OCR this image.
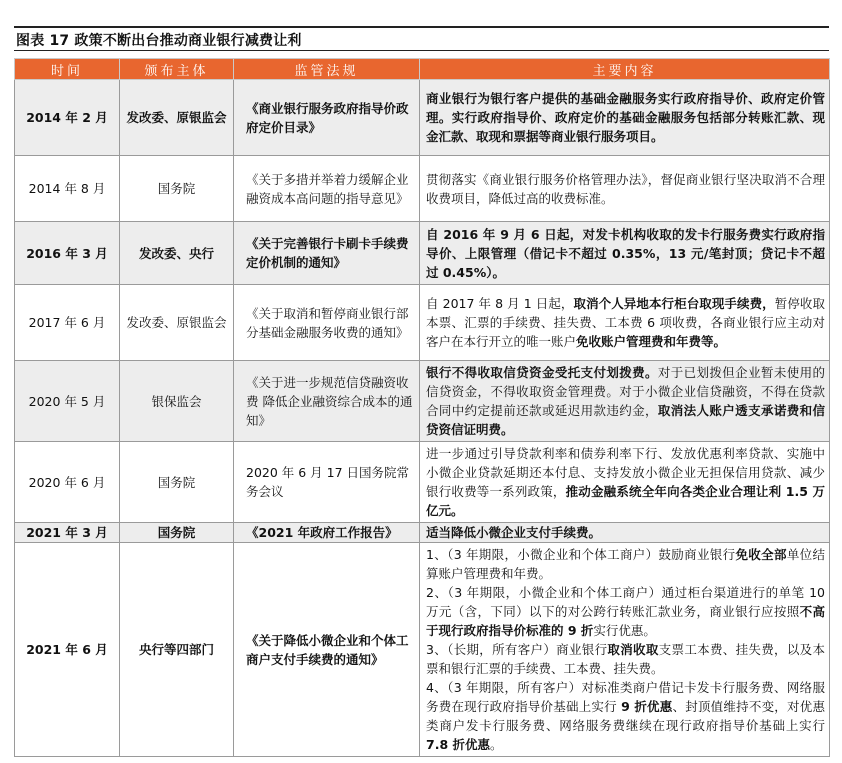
图表 17 政策不断出台推动商业银行减费让利
时间	颁布主体	监管法规	主要内容
2014 年 2 月	发改委、原银监会	《商业银行服务政府指导价政府定价目录》	商业银行为银行客户提供的基础金融服务实行政府指导价、政府定价管理。实行政府指导价、政府定价的基础金融服务包括部分转账汇款、现金汇款、取现和票据等商业银行服务项目。
2014 年 8 月	国务院	《关于多措并举着力缓解企业融资成本高问题的指导意见》	贯彻落实《商业银行服务价格管理办法》，督促商业银行坚决取消不合理收费项目，降低过高的收费标准。
2016 年 3 月	发改委、央行	《关于完善银行卡刷卡手续费定价机制的通知》	自 2016 年 9 月 6 日起，对发卡机构收取的发卡行服务费实行政府指导价、上限管理（借记卡不超过 0.35%，13 元/笔封顶；贷记卡不超过 0.45%）。
2017 年 6 月	发改委、原银监会	《关于取消和暂停商业银行部分基础金融服务收费的通知》	自 2017 年 8 月 1 日起，取消个人异地本行柜台取现手续费，暂停收取本票、汇票的手续费、挂失费、工本费 6 项收费，各商业银行应主动对客户在本行开立的唯一账户免收账户管理费和年费等。
2020 年 5 月	银保监会	《关于进一步规范信贷融资收费 降低企业融资综合成本的通知》	银行不得收取信贷资金受托支付划拨费。对于已划拨但企业暂未使用的信贷资金，不得收取资金管理费。对于小微企业信贷融资，不得在贷款合同中约定提前还款或延迟用款违约金，取消法人账户透支承诺费和信贷资信证明费。
2020 年 6 月	国务院	2020 年 6 月 17 日国务院常务会议	进一步通过引导贷款利率和债券利率下行、发放优惠利率贷款、实施中小微企业贷款延期还本付息、支持发放小微企业无担保信用贷款、减少银行收费等一系列政策，推动金融系统全年向各类企业合理让利 1.5 万亿元。
2021 年 3 月	国务院	《2021 年政府工作报告》	适当降低小微企业支付手续费。
2021 年 6 月	央行等四部门	《关于降低小微企业和个体工商户支付手续费的通知》	1、（3 年期限，小微企业和个体工商户）鼓励商业银行免收全部单位结算账户管理费和年费。

2、（3 年期限，小微企业和个体工商户）通过柜台渠道进行的单笔 10 万元（含，下同）以下的对公跨行转账汇款业务，商业银行应按照不高于现行政府指导价标准的 9 折实行优惠。

3、（长期，所有客户）商业银行取消收取支票工本费、挂失费，以及本票和银行汇票的手续费、工本费、挂失费。

4、（3 年期限，所有客户）对标准类商户借记卡发卡行服务费、网络服务费在现行政府指导价基础上实行 9 折优惠、封顶值维持不变，对优惠类商户发卡行服务费、网络服务费继续在现行政府指导价基础上实行 7.8 折优惠。
